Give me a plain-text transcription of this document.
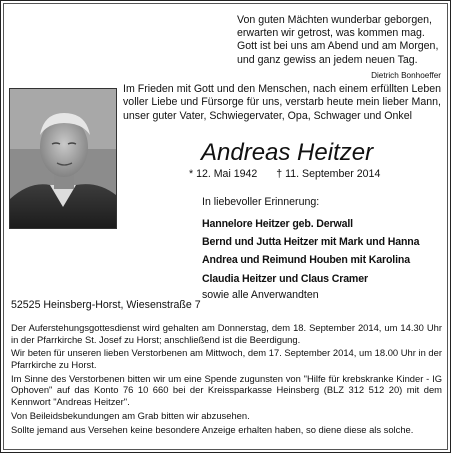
Von guten Mächten wunderbar geborgen,
erwarten wir getrost, was kommen mag.
Gott ist bei uns am Abend und am Morgen,
und ganz gewiss an jedem neuen Tag.
Dietrich Bonhoeffer
Im Frieden mit Gott und den Menschen, nach einem erfüllten Leben voller Liebe und Fürsorge für uns, verstarb heute mein lieber Mann, unser guter Vater, Schwiegervater, Opa, Schwager und Onkel
Andreas Heitzer
* 12. Mai 1942 † 11. September 2014
In liebevoller Erinnerung:
Hannelore Heitzer geb. Derwall
Bernd und Jutta Heitzer mit Mark und Hanna
Andrea und Reimund Houben mit Karolina
Claudia Heitzer und Claus Cramer
sowie alle Anverwandten
52525 Heinsberg-Horst, Wiesenstraße 7

Der Auferstehungsgottesdienst wird gehalten am Donnerstag, dem 18. September 2014, um 14.30 Uhr in der Pfarrkirche St. Josef zu Horst; anschließend ist die Beerdigung.

Wir beten für unseren lieben Verstorbenen am Mittwoch, dem 17. September 2014, um 18.00 Uhr in der Pfarrkirche zu Horst.

Im Sinne des Verstorbenen bitten wir um eine Spende zugunsten von "Hilfe für krebskranke Kinder - IG Ophoven" auf das Konto 76 10 660 bei der Kreissparkasse Heinsberg (BLZ 312 512 20) mit dem Kennwort "Andreas Heitzer".

Von Beileidsbekundungen am Grab bitten wir abzusehen.

Sollte jemand aus Versehen keine besondere Anzeige erhalten haben, so diene diese als solche.
